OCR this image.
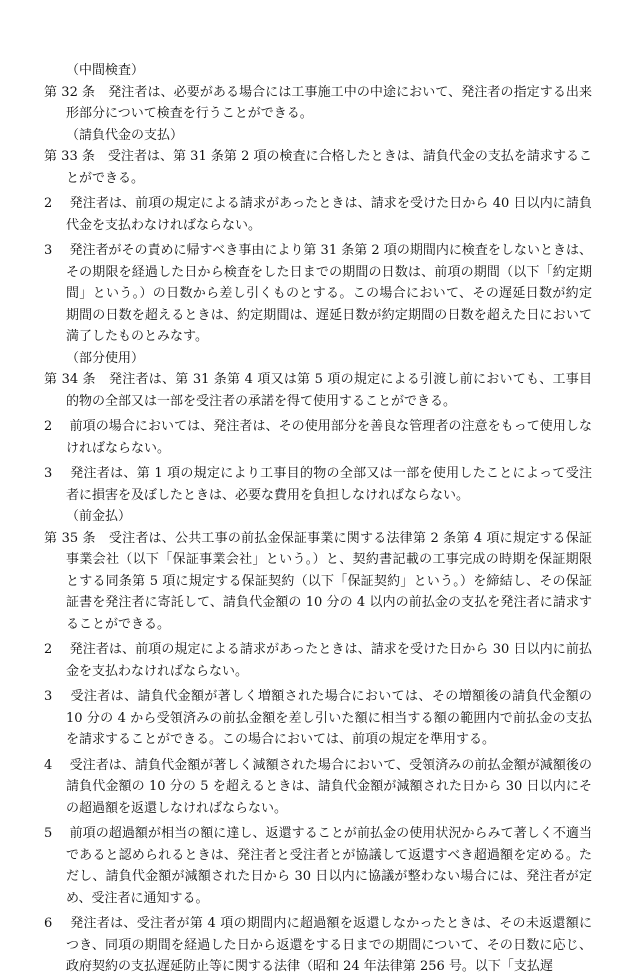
（中間検査）
第 32 条　発注者は、必要がある場合には工事施工中の中途において、発注者の指定する出来形部分について検査を行うことができる。
（請負代金の支払）
第 33 条　受注者は、第 31 条第 2 項の検査に合格したときは、請負代金の支払を請求することができる。
2　 発注者は、前項の規定による請求があったときは、請求を受けた日から 40 日以内に請負代金を支払わなければならない。
3　 発注者がその責めに帰すべき事由により第 31 条第 2 項の期間内に検査をしないときは、その期限を経過した日から検査をした日までの期間の日数は、前項の期間（以下「約定期間」という。）の日数から差し引くものとする。この場合において、その遅延日数が約定期間の日数を超えるときは、約定期間は、遅延日数が約定期間の日数を超えた日において満了したものとみなす。
（部分使用）
第 34 条　発注者は、第 31 条第 4 項又は第 5 項の規定による引渡し前においても、工事目的物の全部又は一部を受注者の承諾を得て使用することができる。
2　 前項の場合においては、発注者は、その使用部分を善良な管理者の注意をもって使用しなければならない。
3　 発注者は、第 1 項の規定により工事目的物の全部又は一部を使用したことによって受注者に損害を及ぼしたときは、必要な費用を負担しなければならない。
（前金払）
第 35 条　受注者は、公共工事の前払金保証事業に関する法律第 2 条第 4 項に規定する保証事業会社（以下「保証事業会社」という。）と、契約書記載の工事完成の時期を保証期限とする同条第 5 項に規定する保証契約（以下「保証契約」という。）を締結し、その保証証書を発注者に寄託して、請負代金額の 10 分の 4 以内の前払金の支払を発注者に請求することができる。
2　 発注者は、前項の規定による請求があったときは、請求を受けた日から 30 日以内に前払金を支払わなければならない。
3　 受注者は、請負代金額が著しく増額された場合においては、その増額後の請負代金額の 10 分の 4 から受領済みの前払金額を差し引いた額に相当する額の範囲内で前払金の支払を請求することができる。この場合においては、前項の規定を準用する。
4　 受注者は、請負代金額が著しく減額された場合において、受領済みの前払金額が減額後の請負代金額の 10 分の 5 を超えるときは、請負代金額が減額された日から 30 日以内にその超過額を返還しなければならない。
5　 前項の超過額が相当の額に達し、返還することが前払金の使用状況からみて著しく不適当であると認められるときは、発注者と受注者とが協議して返還すべき超過額を定める。ただし、請負代金額が減額された日から 30 日以内に協議が整わない場合には、発注者が定め、受注者に通知する。
6　 発注者は、受注者が第 4 項の期間内に超過額を返還しなかったときは、その未返還額につき、同項の期間を経過した日から返還をする日までの期間について、その日数に応じ、政府契約の支払遅延防止等に関する法律（昭和 24 年法律第 256 号。以下「支払遅
